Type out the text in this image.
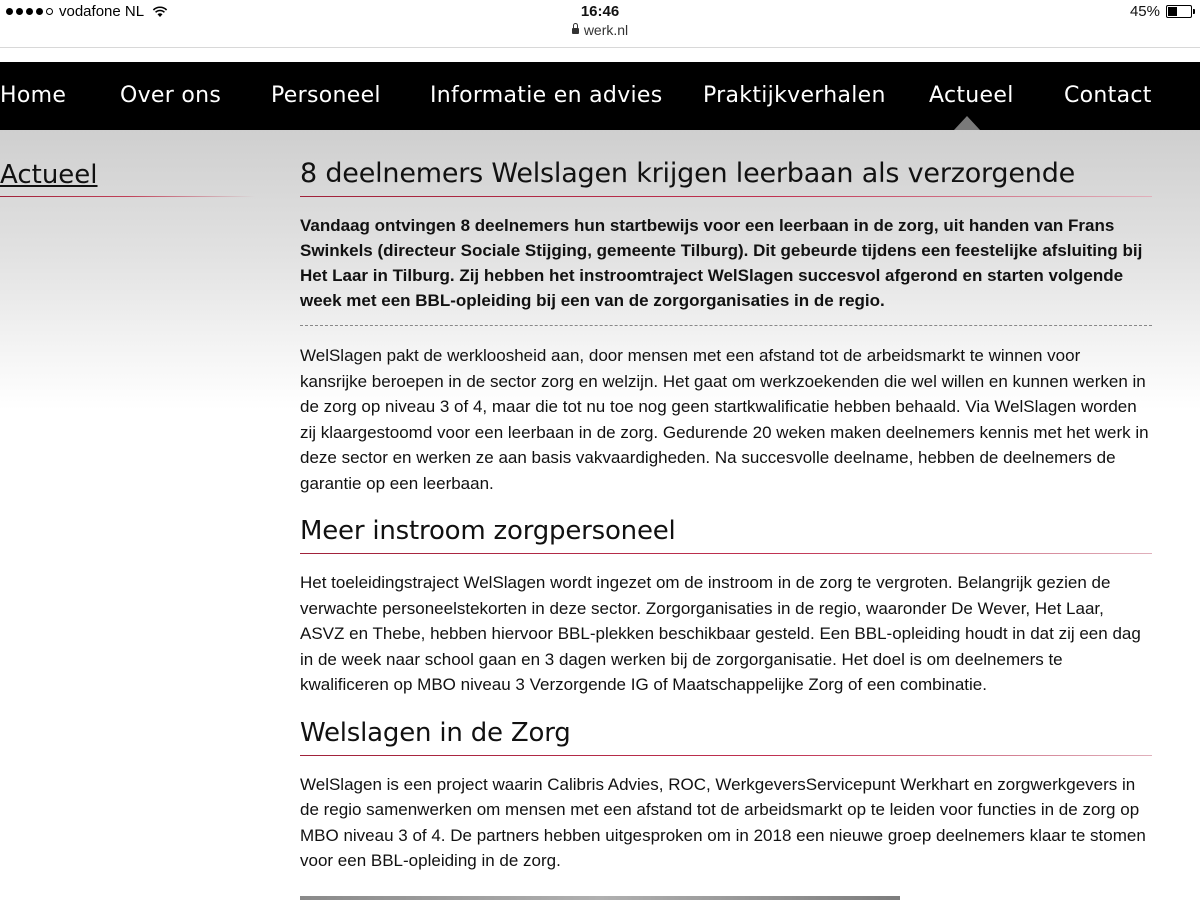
vodafone NL	16:46	45%
werk.nl
Home Over ons Personeel Informatie en advies Praktijkverhalen Actueel Contact
Actueel	8 deelnemers Welslagen krijgen leerbaan als verzorgende

Vandaag ontvingen 8 deelnemers hun startbewijs voor een leerbaan in de zorg, uit handen van Frans Swinkels (directeur Sociale Stijging, gemeente Tilburg). Dit gebeurde tijdens een feestelijke afsluiting bij Het Laar in Tilburg. Zij hebben het instroomtraject WelSlagen succesvol afgerond en starten volgende week met een BBL-opleiding bij een van de zorgorganisaties in de regio.

WelSlagen pakt de werkloosheid aan, door mensen met een afstand tot de arbeidsmarkt te winnen voor kansrijke beroepen in de sector zorg en welzijn. Het gaat om werkzoekenden die wel willen en kunnen werken in de zorg op niveau 3 of 4, maar die tot nu toe nog geen startkwalificatie hebben behaald. Via WelSlagen worden zij klaargestoomd voor een leerbaan in de zorg. Gedurende 20 weken maken deelnemers kennis met het werk in deze sector en werken ze aan basis vakvaardigheden. Na succesvolle deelname, hebben de deelnemers de garantie op een leerbaan.

Meer instroom zorgpersoneel

Het toeleidingstraject WelSlagen wordt ingezet om de instroom in de zorg te vergroten. Belangrijk gezien de verwachte personeelstekorten in deze sector. Zorgorganisaties in de regio, waaronder De Wever, Het Laar, ASVZ en Thebe, hebben hiervoor BBL-plekken beschikbaar gesteld. Een BBL-opleiding houdt in dat zij een dag in de week naar school gaan en 3 dagen werken bij de zorgorganisatie. Het doel is om deelnemers te kwalificeren op MBO niveau 3 Verzorgende IG of Maatschappelijke Zorg of een combinatie.

Welslagen in de Zorg

WelSlagen is een project waarin Calibris Advies, ROC, WerkgeversServicepunt Werkhart en zorgwerkgevers in de regio samenwerken om mensen met een afstand tot de arbeidsmarkt op te leiden voor functies in de zorg op MBO niveau 3 of 4. De partners hebben uitgesproken om in 2018 een nieuwe groep deelnemers klaar te stomen voor een BBL-opleiding in de zorg.
